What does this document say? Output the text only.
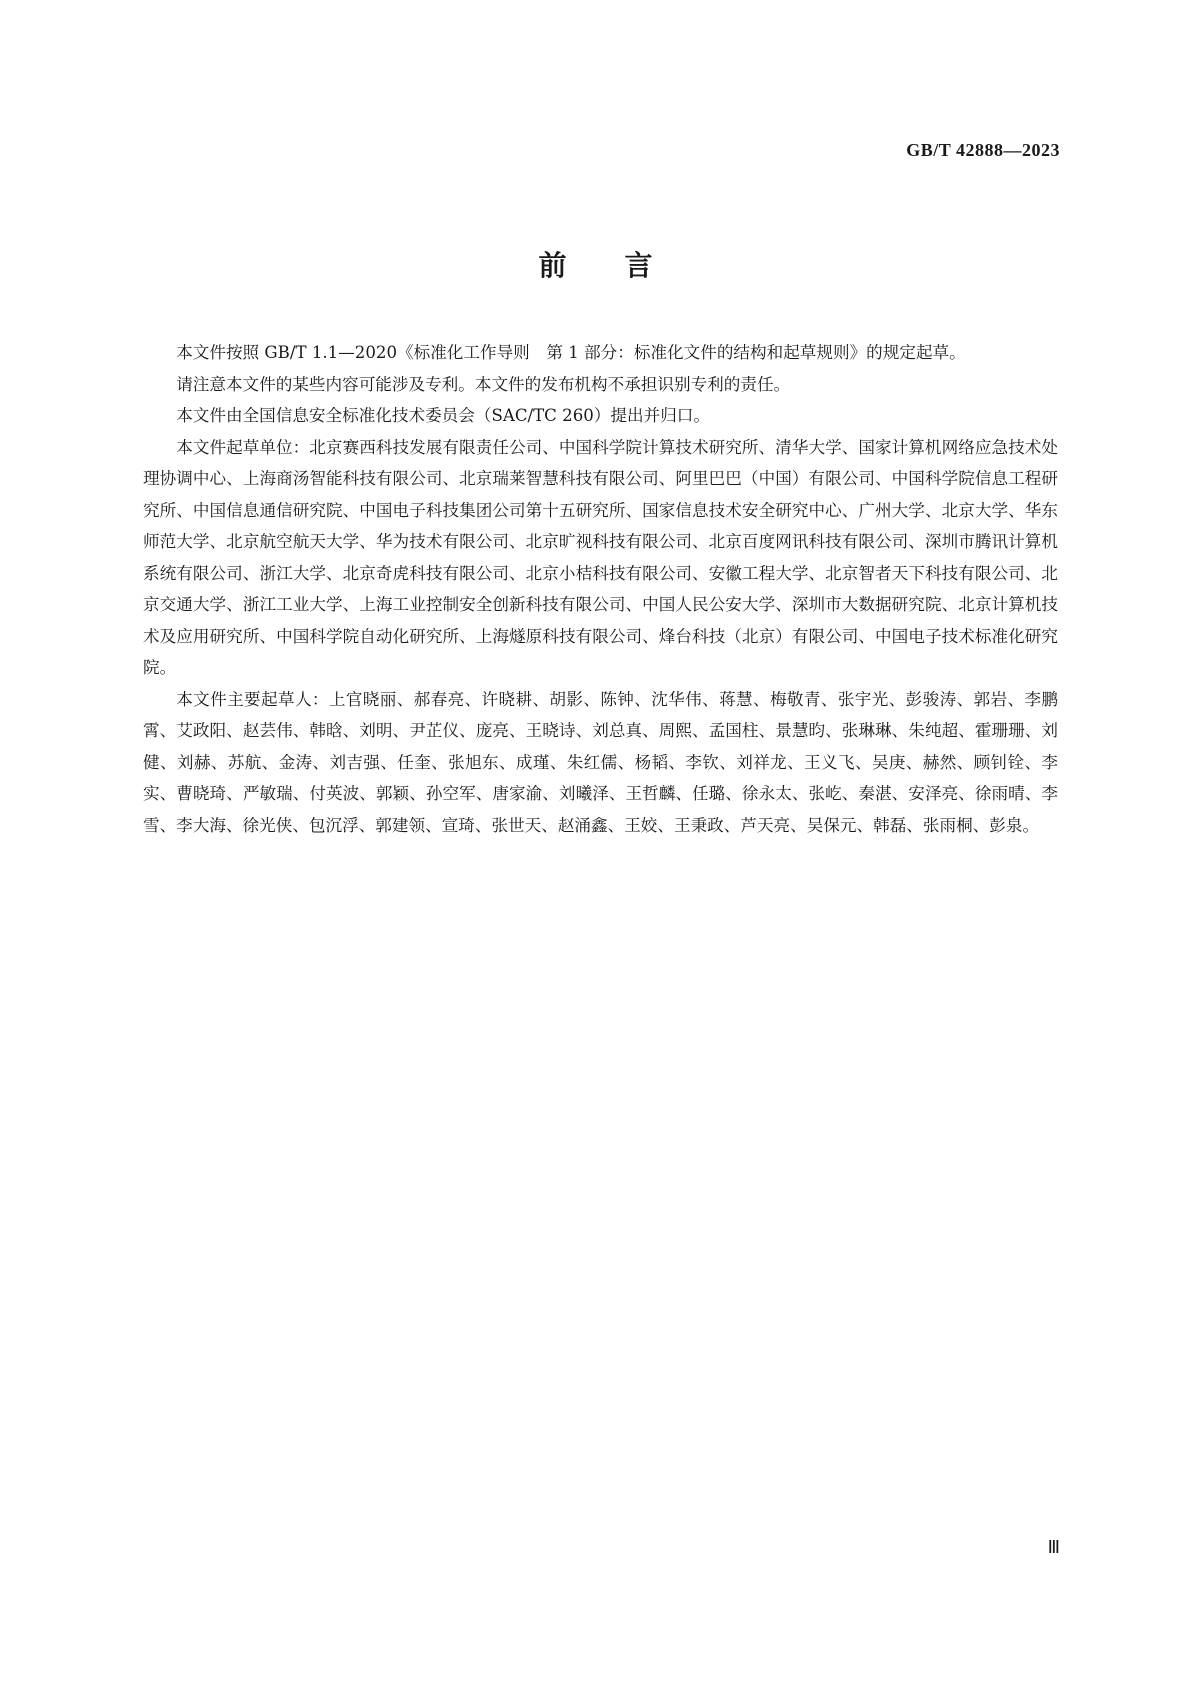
GB/T 42888—2023
前言

本文件按照 GB/T 1.1—2020《标准化工作导则　第 1 部分：标准化文件的结构和起草规则》的规定起草。

请注意本文件的某些内容可能涉及专利。本文件的发布机构不承担识别专利的责任。

本文件由全国信息安全标准化技术委员会（SAC/TC 260）提出并归口。

本文件起草单位：北京赛西科技发展有限责任公司、中国科学院计算技术研究所、清华大学、国家计算机网络应急技术处理协调中心、上海商汤智能科技有限公司、北京瑞莱智慧科技有限公司、阿里巴巴（中国）有限公司、中国科学院信息工程研究所、中国信息通信研究院、中国电子科技集团公司第十五研究所、国家信息技术安全研究中心、广州大学、北京大学、华东师范大学、北京航空航天大学、华为技术有限公司、北京旷视科技有限公司、北京百度网讯科技有限公司、深圳市腾讯计算机系统有限公司、浙江大学、北京奇虎科技有限公司、北京小桔科技有限公司、安徽工程大学、北京智者天下科技有限公司、北京交通大学、浙江工业大学、上海工业控制安全创新科技有限公司、中国人民公安大学、深圳市大数据研究院、北京计算机技术及应用研究所、中国科学院自动化研究所、上海燧原科技有限公司、烽台科技（北京）有限公司、中国电子技术标准化研究院。

本文件主要起草人：上官晓丽、郝春亮、许晓耕、胡影、陈钟、沈华伟、蒋慧、梅敬青、张宇光、彭骏涛、郭岩、李鹏霄、艾政阳、赵芸伟、韩晗、刘明、尹芷仪、庞亮、王晓诗、刘总真、周熙、孟国柱、景慧昀、张琳琳、朱纯超、霍珊珊、刘健、刘赫、苏航、金涛、刘吉强、任奎、张旭东、成瑾、朱红儒、杨韬、李钦、刘祥龙、王义飞、吴庚、赫然、顾钊铨、李实、曹晓琦、严敏瑞、付英波、郭颖、孙空军、唐家渝、刘曦泽、王哲麟、任璐、徐永太、张屹、秦湛、安泽亮、徐雨晴、李雪、李大海、徐光侠、包沉浮、郭建领、宣琦、张世天、赵涌鑫、王姣、王秉政、芦天亮、吴保元、韩磊、张雨桐、彭泉。

Ⅲ
